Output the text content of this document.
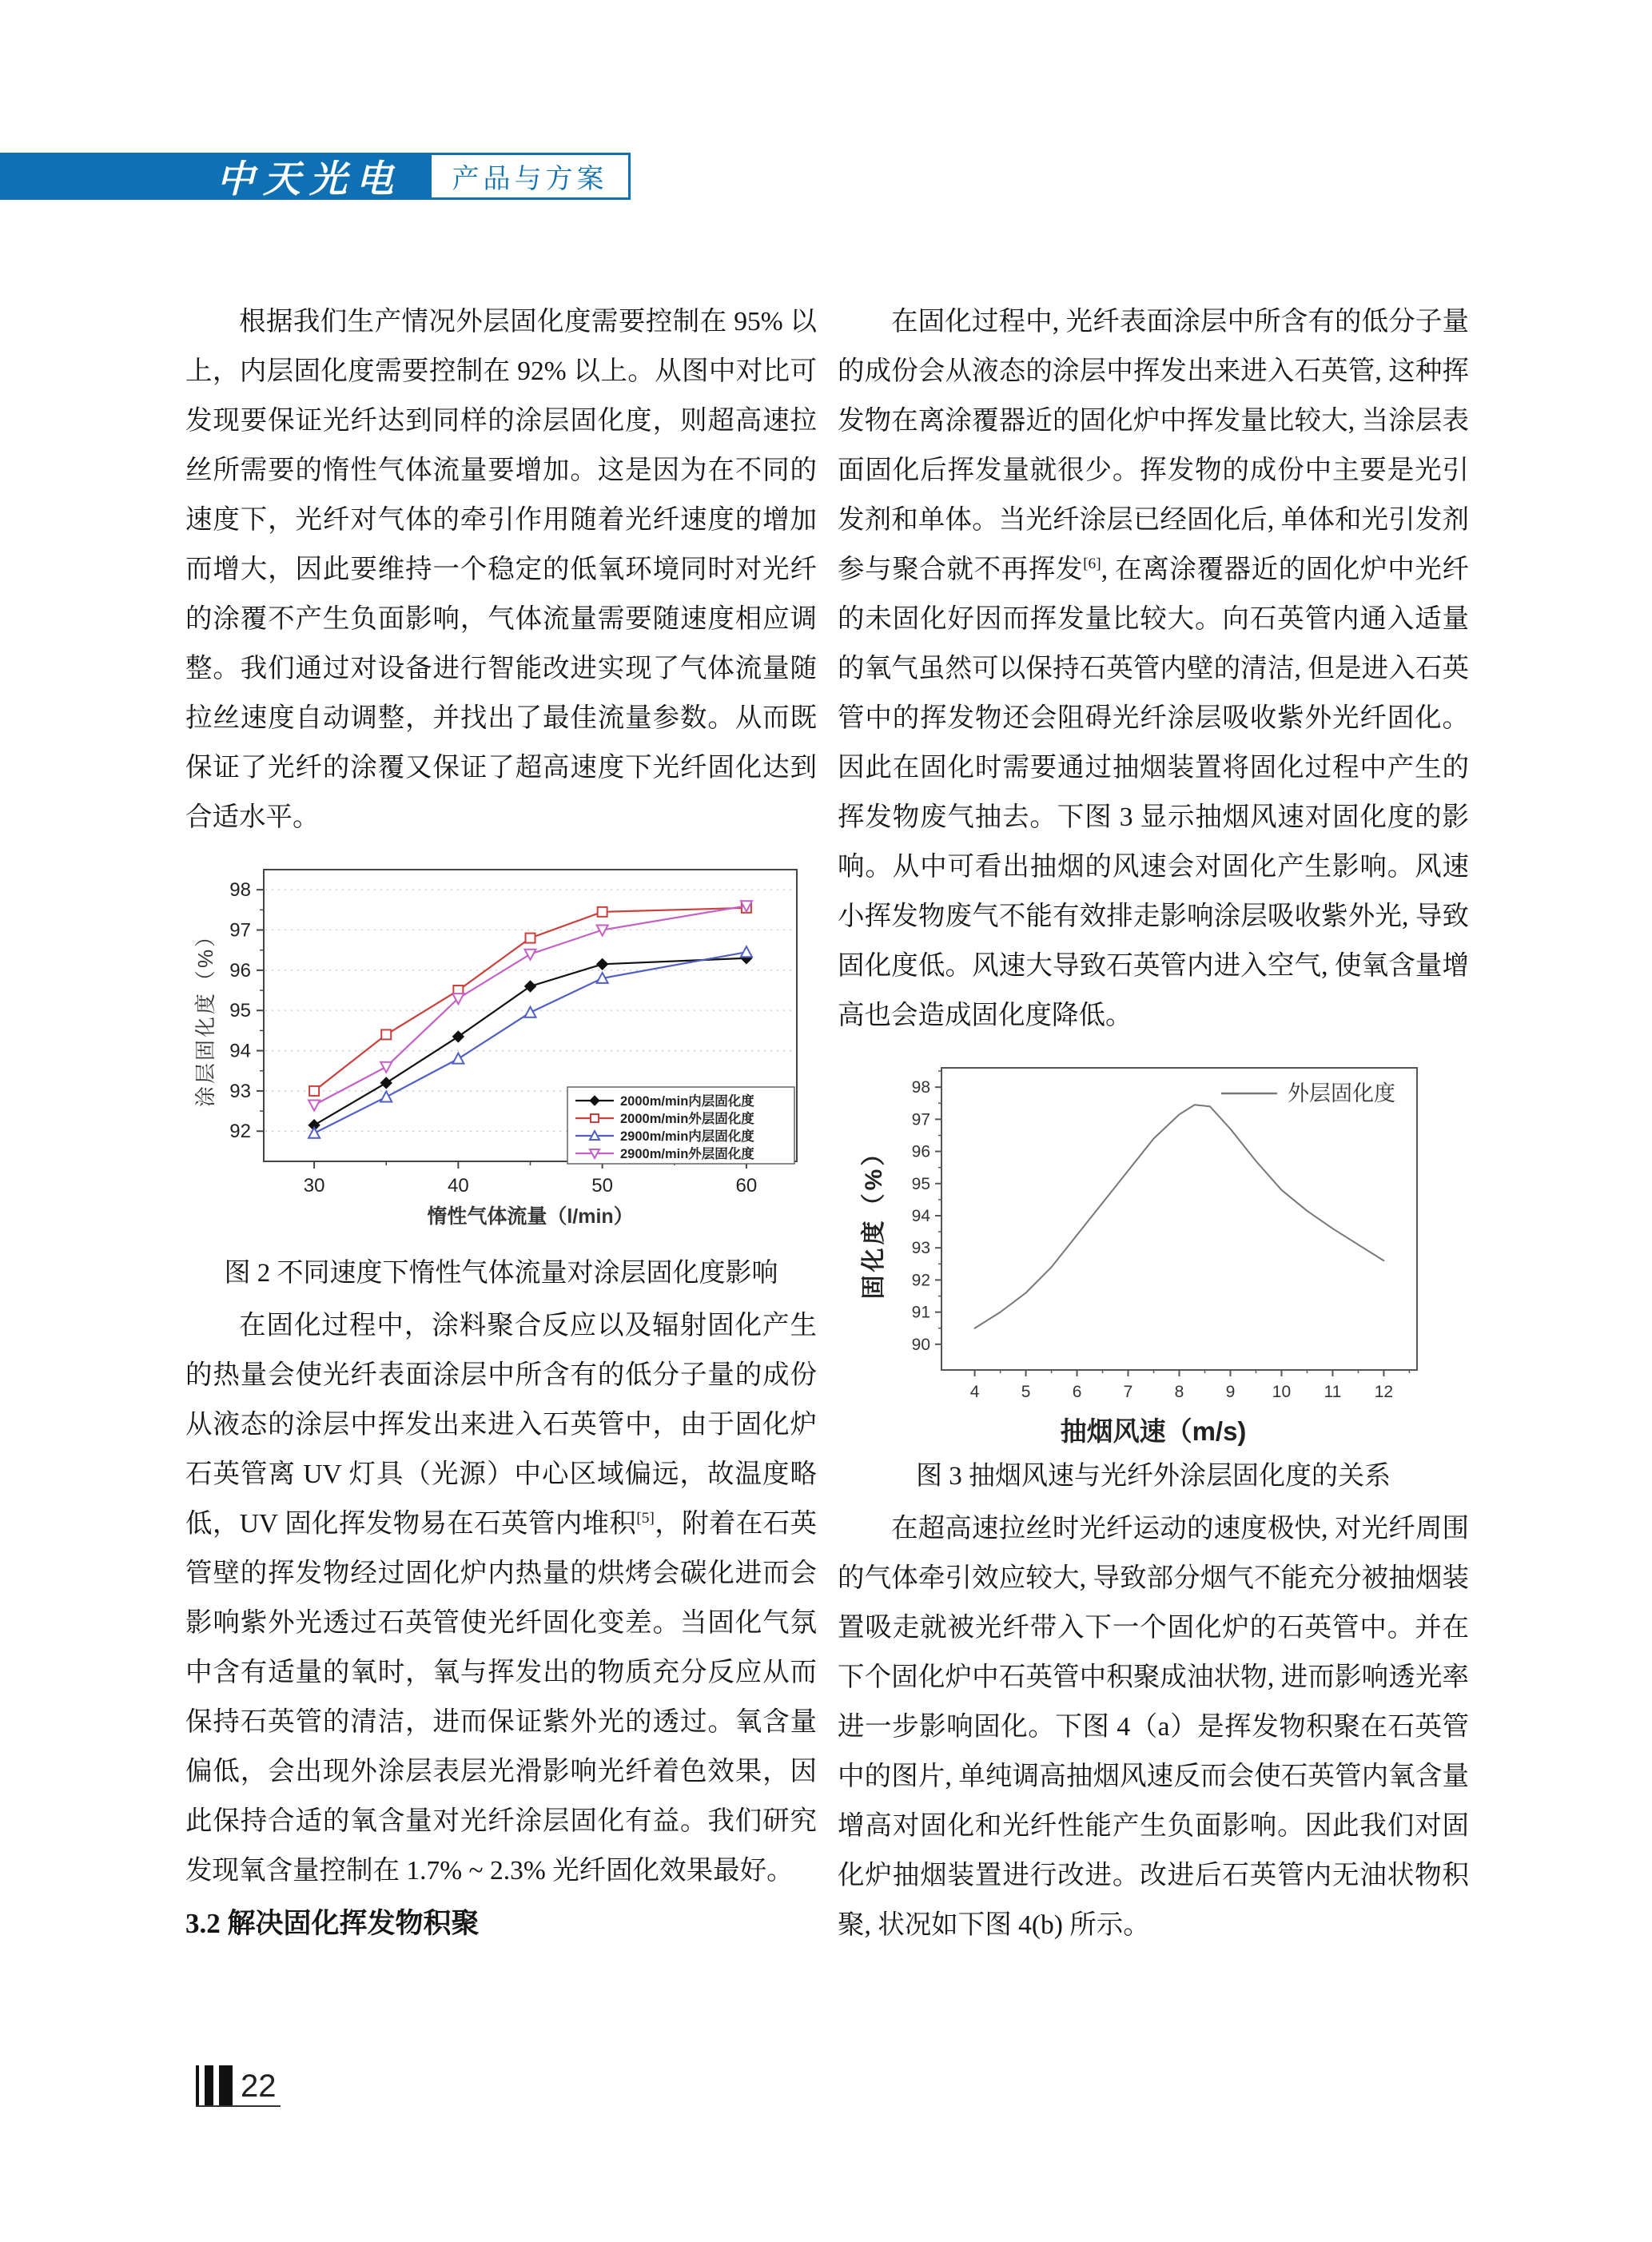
中天光电 产品与方案

根据我们生产情况外层固化度需要控制在 95% 以上，内层固化度需要控制在 92% 以上。从图中对比可发现要保证光纤达到同样的涂层固化度，则超高速拉丝所需要的惰性气体流量要增加。这是因为在不同的速度下，光纤对气体的牵引作用随着光纤速度的增加而增大，因此要维持一个稳定的低氧环境同时对光纤的涂覆不产生负面影响，气体流量需要随速度相应调整。我们通过对设备进行智能改进实现了气体流量随拉丝速度自动调整，并找出了最佳流量参数。从而既保证了光纤的涂覆又保证了超高速度下光纤固化达到合适水平。

92
93
94
95
96
97
98
30	40	50	60
涂层固化度（%）
惰性气体流量（l/min）
2000m/min内层固化度
2000m/min外层固化度
2900m/min内层固化度
2900m/min外层固化度
图 2 不同速度下惰性气体流量对涂层固化度影响

在固化过程中，涂料聚合反应以及辐射固化产生的热量会使光纤表面涂层中所含有的低分子量的成份从液态的涂层中挥发出来进入石英管中，由于固化炉石英管离 UV 灯具（光源）中心区域偏远，故温度略低，UV 固化挥发物易在石英管内堆积[5]，附着在石英管壁的挥发物经过固化炉内热量的烘烤会碳化进而会影响紫外光透过石英管使光纤固化变差。当固化气氛中含有适量的氧时，氧与挥发出的物质充分反应从而保持石英管的清洁，进而保证紫外光的透过。氧含量偏低，会出现外涂层表层光滑影响光纤着色效果，因此保持合适的氧含量对光纤涂层固化有益。我们研究发现氧含量控制在 1.7% ~ 2.3% 光纤固化效果最好。

3.2 解决固化挥发物积聚

在固化过程中, 光纤表面涂层中所含有的低分子量的成份会从液态的涂层中挥发出来进入石英管, 这种挥发物在离涂覆器近的固化炉中挥发量比较大, 当涂层表面固化后挥发量就很少。挥发物的成份中主要是光引发剂和单体。当光纤涂层已经固化后, 单体和光引发剂参与聚合就不再挥发[6], 在离涂覆器近的固化炉中光纤的未固化好因而挥发量比较大。向石英管内通入适量的氧气虽然可以保持石英管内壁的清洁, 但是进入石英管中的挥发物还会阻碍光纤涂层吸收紫外光纤固化。因此在固化时需要通过抽烟装置将固化过程中产生的挥发物废气抽去。下图 3 显示抽烟风速对固化度的影响。从中可看出抽烟的风速会对固化产生影响。风速小挥发物废气不能有效排走影响涂层吸收紫外光, 导致固化度低。风速大导致石英管内进入空气, 使氧含量增高也会造成固化度降低。

90
91
92
93
94
95
96
97
98
4 5 6 7 8 9 10 11 12
外层固化度
固化度（%）
抽烟风速（m/s)
图 3 抽烟风速与光纤外涂层固化度的关系

在超高速拉丝时光纤运动的速度极快, 对光纤周围的气体牵引效应较大, 导致部分烟气不能充分被抽烟装置吸走就被光纤带入下一个固化炉的石英管中。并在下个固化炉中石英管中积聚成油状物, 进而影响透光率进一步影响固化。下图 4（a）是挥发物积聚在石英管中的图片, 单纯调高抽烟风速反而会使石英管内氧含量增高对固化和光纤性能产生负面影响。因此我们对固化炉抽烟装置进行改进。改进后石英管内无油状物积聚, 状况如下图 4(b) 所示。

22
